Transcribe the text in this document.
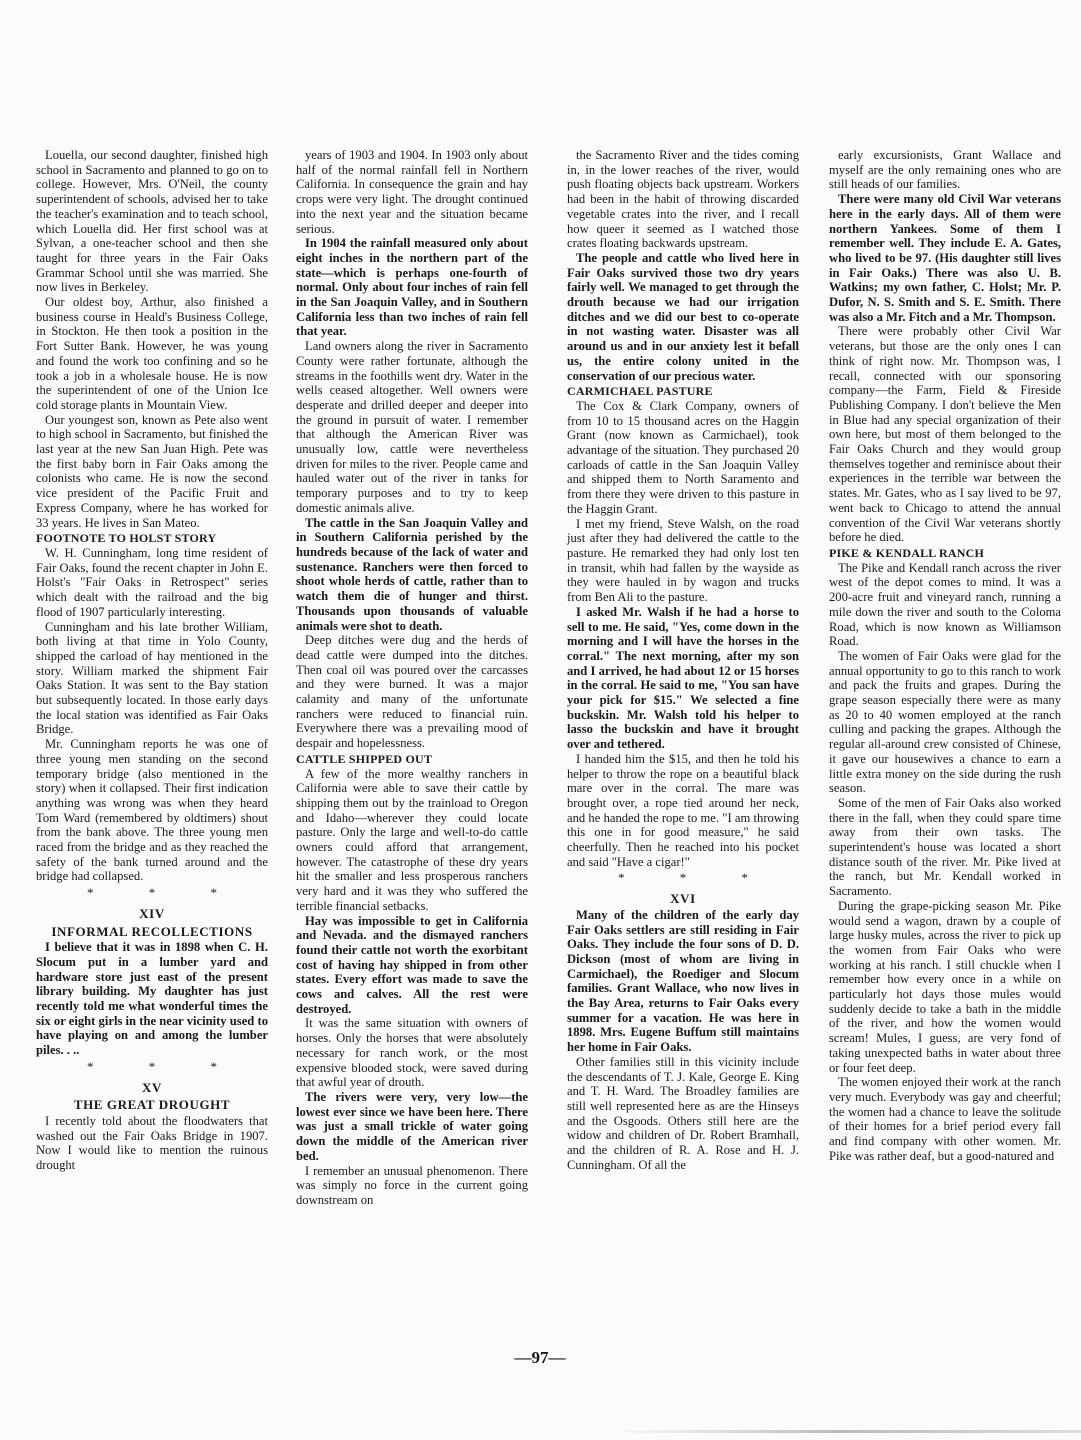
Louella, our second daughter, finished high school in Sacramento and planned to go on to college. However, Mrs. O'Neil, the county superintendent of schools, advised her to take the teacher's examination and to teach school, which Louella did. Her first school was at Sylvan, a one-teacher school and then she taught for three years in the Fair Oaks Grammar School until she was married. She now lives in Berkeley.

Our oldest boy, Arthur, also finished a business course in Heald's Business College, in Stockton. He then took a position in the Fort Sutter Bank. However, he was young and found the work too confining and so he took a job in a wholesale house. He is now the superintendent of one of the Union Ice cold storage plants in Mountain View.

Our youngest son, known as Pete also went to high school in Sacramento, but finished the last year at the new San Juan High. Pete was the first baby born in Fair Oaks among the colonists who came. He is now the second vice president of the Pacific Fruit and Express Company, where he has worked for 33 years. He lives in San Mateo.

FOOTNOTE TO HOLST STORY

W. H. Cunningham, long time resident of Fair Oaks, found the recent chapter in John E. Holst's "Fair Oaks in Retrospect" series which dealt with the railroad and the big flood of 1907 particularly interesting.

Cunningham and his late brother William, both living at that time in Yolo County, shipped the carload of hay mentioned in the story. William marked the shipment Fair Oaks Station. It was sent to the Bay station but subsequently located. In those early days the local station was identified as Fair Oaks Bridge.

Mr. Cunningham reports he was one of three young men standing on the second temporary bridge (also mentioned in the story) when it collapsed. Their first indication anything was wrong was when they heard Tom Ward (remembered by oldtimers) shout from the bank above. The three young men raced from the bridge and as they reached the safety of the bank turned around and the bridge had collapsed.

* * *
XIV
INFORMAL RECOLLECTIONS

I believe that it was in 1898 when C. H. Slocum put in a lumber yard and hardware store just east of the present library building. My daughter has just recently told me what wonderful times the six or eight girls in the near vicinity used to have playing on and among the lumber piles. . ..

* * *
XV
THE GREAT DROUGHT

I recently told about the floodwaters that washed out the Fair Oaks Bridge in 1907. Now I would like to mention the ruinous drought

years of 1903 and 1904. In 1903 only about half of the normal rainfall fell in Northern California. In consequence the grain and hay crops were very light. The drought continued into the next year and the situation became serious.

In 1904 the rainfall measured only about eight inches in the northern part of the state—which is perhaps one-fourth of normal. Only about four inches of rain fell in the San Joaquin Valley, and in Southern California less than two inches of rain fell that year.

Land owners along the river in Sacramento County were rather fortunate, although the streams in the foothills went dry. Water in the wells ceased altogether. Well owners were desperate and drilled deeper and deeper into the ground in pursuit of water. I remember that although the American River was unusually low, cattle were nevertheless driven for miles to the river. People came and hauled water out of the river in tanks for temporary purposes and to try to keep domestic animals alive.

The cattle in the San Joaquin Valley and in Southern California perished by the hundreds because of the lack of water and sustenance. Ranchers were then forced to shoot whole herds of cattle, rather than to watch them die of hunger and thirst. Thousands upon thousands of valuable animals were shot to death.

Deep ditches were dug and the herds of dead cattle were dumped into the ditches. Then coal oil was poured over the carcasses and they were burned. It was a major calamity and many of the unfortunate ranchers were reduced to financial ruin. Everywhere there was a prevailing mood of despair and hopelessness.

CATTLE SHIPPED OUT

A few of the more wealthy ranchers in California were able to save their cattle by shipping them out by the trainload to Oregon and Idaho—wherever they could locate pasture. Only the large and well-to-do cattle owners could afford that arrangement, however. The catastrophe of these dry years hit the smaller and less prosperous ranchers very hard and it was they who suffered the terrible financial setbacks.

Hay was impossible to get in California and Nevada. and the dismayed ranchers found their cattle not worth the exorbitant cost of having hay shipped in from other states. Every effort was made to save the cows and calves. All the rest were destroyed.

It was the same situation with owners of horses. Only the horses that were absolutely necessary for ranch work, or the most expensive blooded stock, were saved during that awful year of drouth.

The rivers were very, very low—the lowest ever since we have been here. There was just a small trickle of water going down the middle of the American river bed.

I remember an unusual phenomenon. There was simply no force in the current going downstream on

the Sacramento River and the tides coming in, in the lower reaches of the river, would push floating objects back upstream. Workers had been in the habit of throwing discarded vegetable crates into the river, and I recall how queer it seemed as I watched those crates floating backwards upstream.

The people and cattle who lived here in Fair Oaks survived those two dry years fairly well. We managed to get through the drouth because we had our irrigation ditches and we did our best to co-operate in not wasting water. Disaster was all around us and in our anxiety lest it befall us, the entire colony united in the conservation of our precious water.

CARMICHAEL PASTURE

The Cox & Clark Company, owners of from 10 to 15 thousand acres on the Haggin Grant (now known as Carmichael), took advantage of the situation. They purchased 20 carloads of cattle in the San Joaquin Valley and shipped them to North Saramento and from there they were driven to this pasture in the Haggin Grant.

I met my friend, Steve Walsh, on the road just after they had delivered the cattle to the pasture. He remarked they had only lost ten in transit, whih had fallen by the wayside as they were hauled in by wagon and trucks from Ben Ali to the pasture.

I asked Mr. Walsh if he had a horse to sell to me. He said, "Yes, come down in the morning and I will have the horses in the corral." The next morning, after my son and I arrived, he had about 12 or 15 horses in the corral. He said to me, "You san have your pick for $15." We selected a fine buckskin. Mr. Walsh told his helper to lasso the buckskin and have it brought over and tethered.

I handed him the $15, and then he told his helper to throw the rope on a beautiful black mare over in the corral. The mare was brought over, a rope tied around her neck, and he handed the rope to me. "I am throwing this one in for good measure," he said cheerfully. Then he reached into his pocket and said "Have a cigar!"

* * *
XVI

Many of the children of the early day Fair Oaks settlers are still residing in Fair Oaks. They include the four sons of D. D. Dickson (most of whom are living in Carmichael), the Roediger and Slocum families. Grant Wallace, who now lives in the Bay Area, returns to Fair Oaks every summer for a vacation. He was here in 1898. Mrs. Eugene Buffum still maintains her home in Fair Oaks.

Other families still in this vicinity include the descendants of T. J. Kale, George E. King and T. H. Ward. The Broadley families are still well represented here as are the Hinseys and the Osgoods. Others still here are the widow and children of Dr. Robert Bramhall, and the children of R. A. Rose and H. J. Cunningham. Of all the

early excursionists, Grant Wallace and myself are the only remaining ones who are still heads of our families.

There were many old Civil War veterans here in the early days. All of them were northern Yankees. Some of them I remember well. They include E. A. Gates, who lived to be 97. (His daughter still lives in Fair Oaks.) There was also U. B. Watkins; my own father, C. Holst; Mr. P. Dufor, N. S. Smith and S. E. Smith. There was also a Mr. Fitch and a Mr. Thompson.

There were probably other Civil War veterans, but those are the only ones I can think of right now. Mr. Thompson was, I recall, connected with our sponsoring company—the Farm, Field & Fireside Publishing Company. I don't believe the Men in Blue had any special organization of their own here, but most of them belonged to the Fair Oaks Church and they would group themselves together and reminisce about their experiences in the terrible war between the states. Mr. Gates, who as I say lived to be 97, went back to Chicago to attend the annual convention of the Civil War veterans shortly before he died.

PIKE & KENDALL RANCH

The Pike and Kendall ranch across the river west of the depot comes to mind. It was a 200-acre fruit and vineyard ranch, running a mile down the river and south to the Coloma Road, which is now known as Williamson Road.

The women of Fair Oaks were glad for the annual opportunity to go to this ranch to work and pack the fruits and grapes. During the grape season especially there were as many as 20 to 40 women employed at the ranch culling and packing the grapes. Although the regular all-around crew consisted of Chinese, it gave our housewives a chance to earn a little extra money on the side during the rush season.

Some of the men of Fair Oaks also worked there in the fall, when they could spare time away from their own tasks. The superintendent's house was located a short distance south of the river. Mr. Pike lived at the ranch, but Mr. Kendall worked in Sacramento.

During the grape-picking season Mr. Pike would send a wagon, drawn by a couple of large husky mules, across the river to pick up the women from Fair Oaks who were working at his ranch. I still chuckle when I remember how every once in a while on particularly hot days those mules would suddenly decide to take a bath in the middle of the river, and how the women would scream! Mules, I guess, are very fond of taking unexpected baths in water about three or four feet deep.

The women enjoyed their work at the ranch very much. Everybody was gay and cheerful; the women had a chance to leave the solitude of their homes for a brief period every fall and find company with other women. Mr. Pike was rather deaf, but a good-natured and

—97—
